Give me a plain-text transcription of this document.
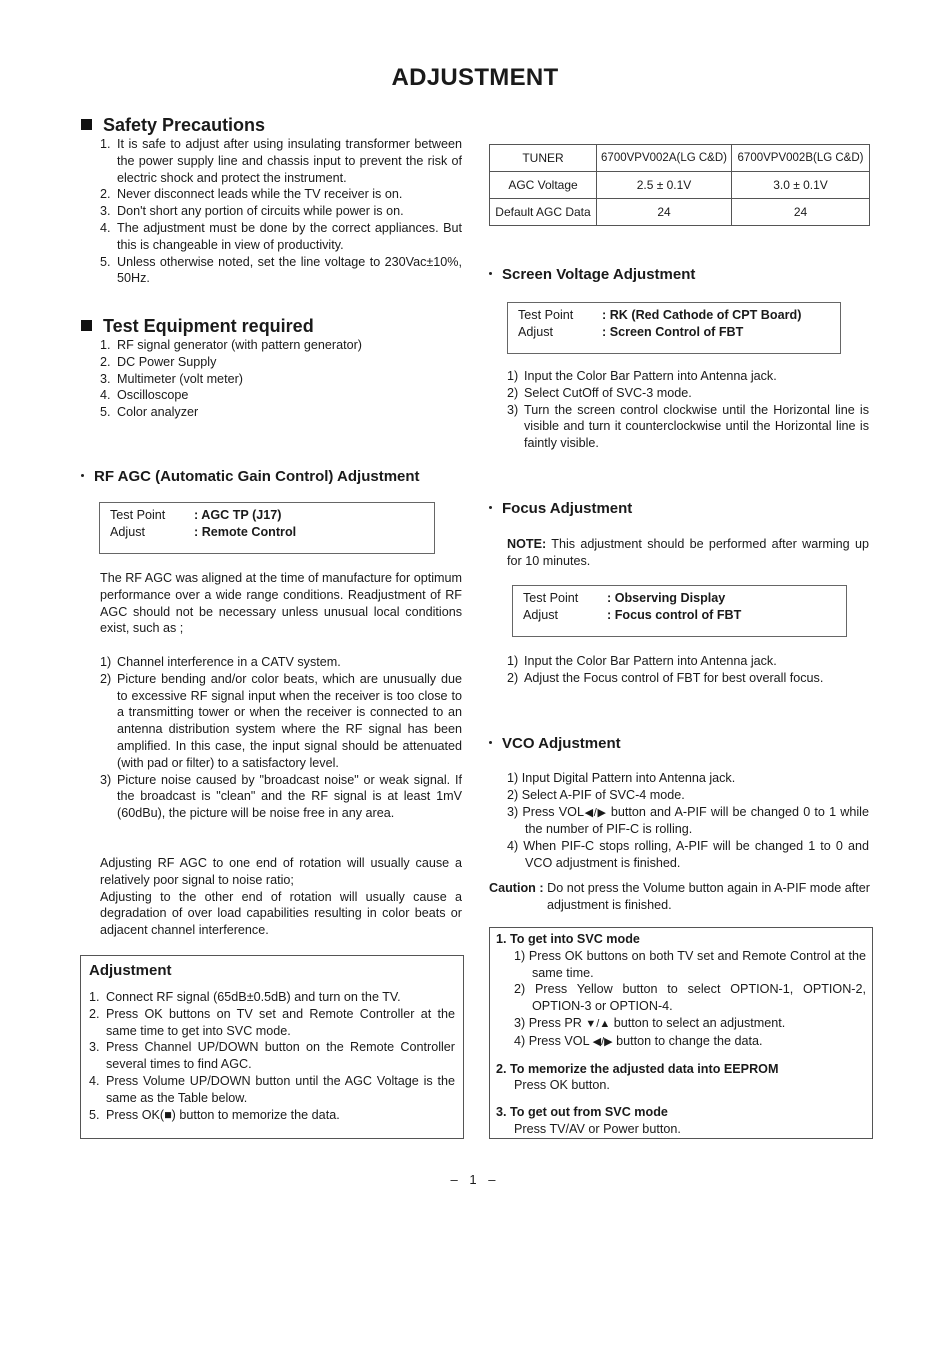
ADJUSTMENT
Safety Precautions
1. It is safe to adjust after using insulating transformer between the power supply line and chassis input to prevent the risk of electric shock and protect the instrument.
2. Never disconnect leads while the TV receiver is on.
3. Don't short any portion of circuits while power is on.
4. The adjustment must be done by the correct appliances. But this is changeable in view of productivity.
5. Unless otherwise noted, set the line voltage to 230Vac±10%, 50Hz.
Test Equipment required
1. RF signal generator (with pattern generator)
2. DC Power Supply
3. Multimeter (volt meter)
4. Oscilloscope
5. Color analyzer
RF AGC (Automatic Gain Control) Adjustment
Test Point	: AGC TP (J17)
Adjust	: Remote Control
The RF AGC was aligned at the time of manufacture for optimum performance over a wide range conditions. Readjustment of RF AGC should not be necessary unless unusual local conditions exist, such as ;
1) Channel interference in a CATV system.
2) Picture bending and/or color beats, which are unusually due to excessive RF signal input when the receiver is too close to a transmitting tower or when the receiver is connected to an antenna distribution system where the RF signal has been amplified. In this case, the input signal should be attenuated (with pad or filter) to a satisfactory level.
3) Picture noise caused by "broadcast noise" or weak signal. If the broadcast is "clean" and the RF signal is at least 1mV (60dBu), the picture will be noise free in any area.
Adjusting RF AGC to one end of rotation will usually cause a relatively poor signal to noise ratio;
Adjusting to the other end of rotation will usually cause a degradation of over load capabilities resulting in color beats or adjacent channel interference.
Adjustment
1. Connect RF signal (65dB±0.5dB) and turn on the TV.
2. Press OK buttons on TV set and Remote Controller at the same time to get into SVC mode.
3. Press Channel UP/DOWN button on the Remote Controller several times to find AGC.
4. Press Volume UP/DOWN button until the AGC Voltage is the same as the Table below.
5. Press OK(■) button to memorize the data.
TUNER	6700VPV002A(LG C&D)	6700VPV002B(LG C&D)
AGC Voltage	2.5 ± 0.1V	3.0 ± 0.1V
Default AGC Data	24	24
Screen Voltage Adjustment
Test Point	: RK (Red Cathode of CPT Board)
Adjust	: Screen Control of FBT
1) Input the Color Bar Pattern into Antenna jack.
2) Select CutOff of SVC-3 mode.
3) Turn the screen control clockwise until the Horizontal line is visible and turn it counterclockwise until the Horizontal line is faintly visible.
Focus Adjustment
NOTE: This adjustment should be performed after warming up for 10 minutes.
Test Point	: Observing Display
Adjust	: Focus control of FBT
1) Input the Color Bar Pattern into Antenna jack.
2) Adjust the Focus control of FBT for best overall focus.
VCO Adjustment
1) Input Digital Pattern into Antenna jack.
2) Select A-PIF of SVC-4 mode.
3) Press VOL◀/▶ button and A-PIF will be changed 0 to 1 while the number of PIF-C is rolling.
4) When PIF-C stops rolling, A-PIF will be changed 1 to 0 and VCO adjustment is finished.
Caution : Do not press the Volume button again in A-PIF mode after adjustment is finished.
1. To get into SVC mode
1) Press OK buttons on both TV set and Remote Control at the same time.
2) Press Yellow button to select OPTION-1, OPTION-2, OPTION-3 or OPTION-4.
3) Press PR ▼/▲ button to select an adjustment.
4) Press VOL ◀/▶ button to change the data.
2. To memorize the adjusted data into EEPROM
Press OK button.
3. To get out from SVC mode
Press TV/AV or Power button.
– 1 –
